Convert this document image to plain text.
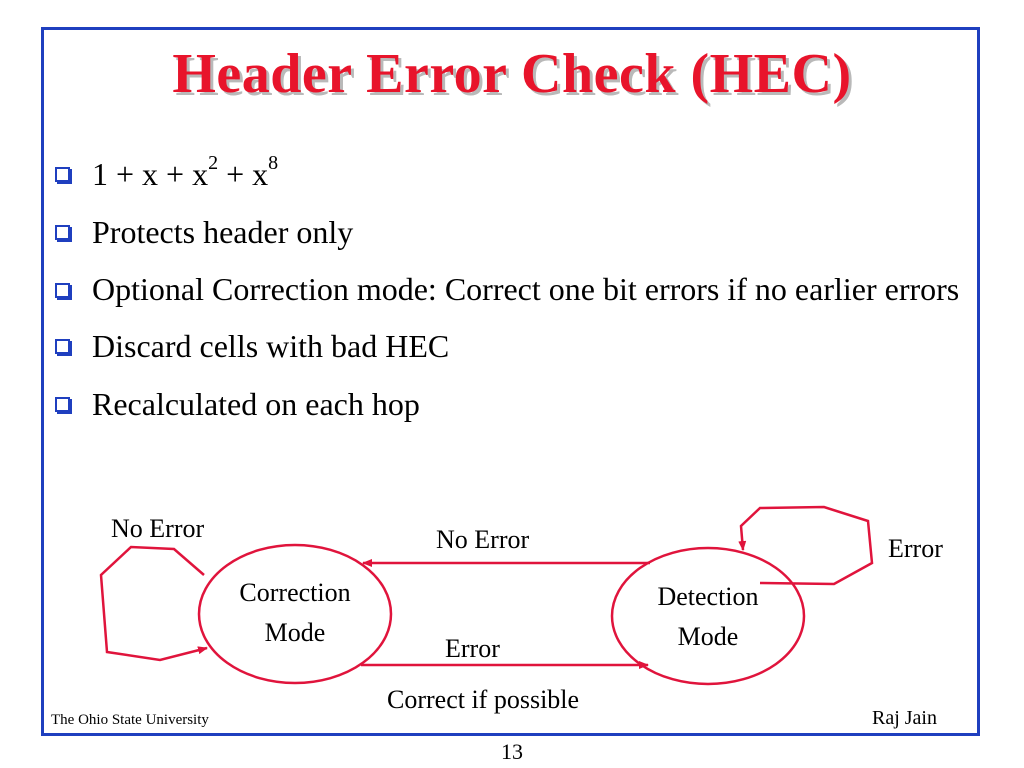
Header Error Check (HEC)
$1 + x + x^2 + x^8$
Protects header only
Optional Correction mode: Correct one bit errors if no earlier errors
Discard cells with bad HEC
Recalculated on each hop
Correction
Mode
Detection
Mode
No Error	No Error	Error
Error
Correct if possible
The Ohio State University	Raj Jain
13
